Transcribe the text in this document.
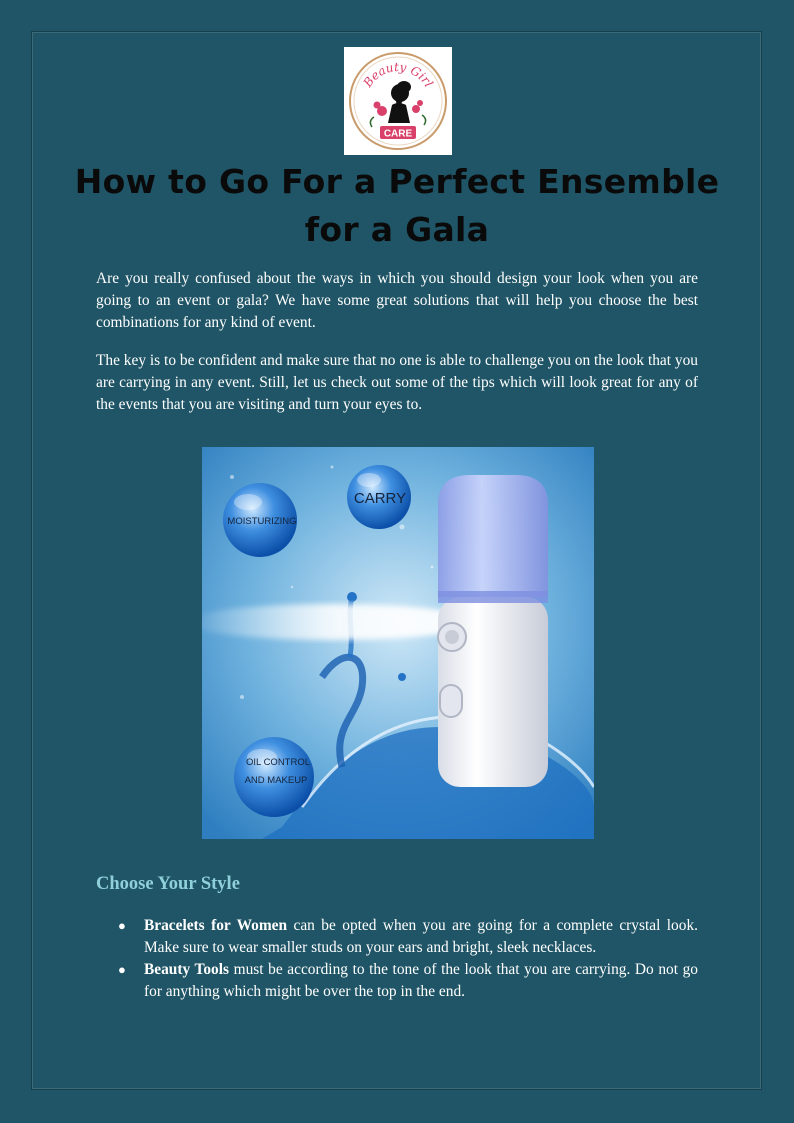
Beauty Girl
CARE
How to Go For a Perfect Ensemble for a Gala

Are you really confused about the ways in which you should design your look when you are going to an event or gala? We have some great solutions that will help you choose the best combinations for any kind of event.

The key is to be confident and make sure that no one is able to challenge you on the look that you are carrying in any event. Still, let us check out some of the tips which will look great for any of the events that you are visiting and turn your eyes to.

MOISTURIZING
CARRY
OIL CONTROL
AND MAKEUP
Choose Your Style
● Bracelets for Women can be opted when you are going for a complete crystal look. Make sure to wear smaller studs on your ears and bright, sleek necklaces.
● Beauty Tools must be according to the tone of the look that you are carrying. Do not go for anything which might be over the top in the end.
